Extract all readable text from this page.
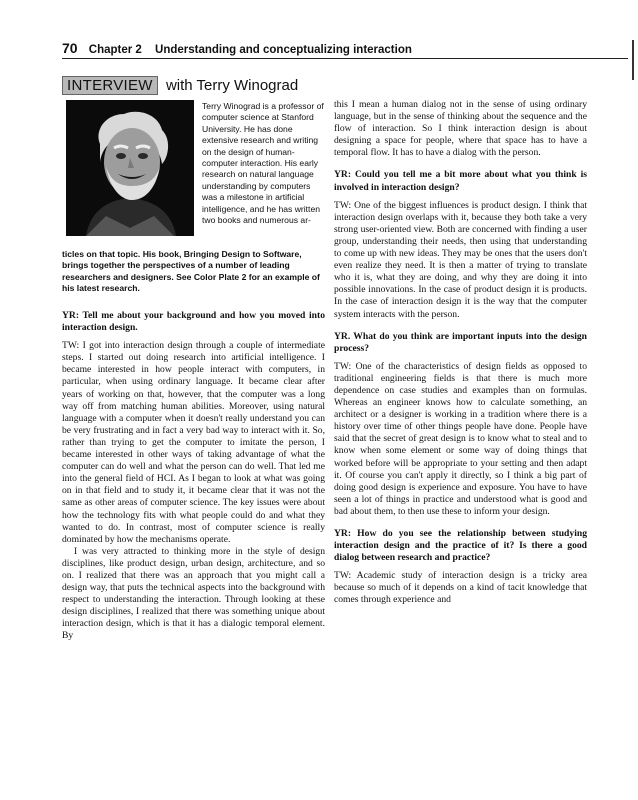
70 Chapter 2 Understanding and conceptualizing interaction
INTERVIEW with Terry Winograd

Terry Winograd is a professor of computer science at Stanford University. He has done extensive research and writing on the design of human-computer interaction. His early research on natural language understanding by computers was a milestone in artificial intelligence, and he has written two books and numerous ar-

ticles on that topic. His book, Bringing Design to Software, brings together the perspectives of a number of leading researchers and designers. See Color Plate 2 for an example of his latest research.

YR: Tell me about your background and how you moved into interaction design.

TW: I got into interaction design through a couple of intermediate steps. I started out doing research into artificial intelligence. I became interested in how people interact with computers, in particular, when using ordinary language. It became clear after years of working on that, however, that the computer was a long way off from matching human abilities. Moreover, using natural language with a computer when it doesn't really understand you can be very frustrating and in fact a very bad way to interact with it. So, rather than trying to get the computer to imitate the person, I became interested in other ways of taking advantage of what the computer can do well and what the person can do well. That led me into the general field of HCI. As I began to look at what was going on in that field and to study it, it became clear that it was not the same as other areas of computer science. The key issues were about how the technology fits with what people could do and what they wanted to do. In contrast, most of computer science is really dominated by how the mechanisms operate.

I was very attracted to thinking more in the style of design disciplines, like product design, urban design, architecture, and so on. I realized that there was an approach that you might call a design way, that puts the technical aspects into the background with respect to understanding the interaction. Through looking at these design disciplines, I realized that there was something unique about interaction design, which is that it has a dialogic temporal element. By

this I mean a human dialog not in the sense of using ordinary language, but in the sense of thinking about the sequence and the flow of interaction. So I think interaction design is about designing a space for people, where that space has to have a temporal flow. It has to have a dialog with the person.

YR: Could you tell me a bit more about what you think is involved in interaction design?

TW: One of the biggest influences is product design. I think that interaction design overlaps with it, because they both take a very strong user-oriented view. Both are concerned with finding a user group, understanding their needs, then using that understanding to come up with new ideas. They may be ones that the users don't even realize they need. It is then a matter of trying to translate who it is, what they are doing, and why they are doing it into possible innovations. In the case of product design it is products. In the case of interaction design it is the way that the computer system interacts with the person.

YR. What do you think are important inputs into the design process?

TW: One of the characteristics of design fields as opposed to traditional engineering fields is that there is much more dependence on case studies and examples than on formulas. Whereas an engineer knows how to calculate something, an architect or a designer is working in a tradition where there is a history over time of other things people have done. People have said that the secret of great design is to know what to steal and to know when some element or some way of doing things that worked before will be appropriate to your setting and then adapt it. Of course you can't apply it directly, so I think a big part of doing good design is experience and exposure. You have to have seen a lot of things in practice and understood what is good and bad about them, to then use these to inform your design.

YR: How do you see the relationship between studying interaction design and the practice of it? Is there a good dialog between research and practice?

TW: Academic study of interaction design is a tricky area because so much of it depends on a kind of tacit knowledge that comes through experience and
